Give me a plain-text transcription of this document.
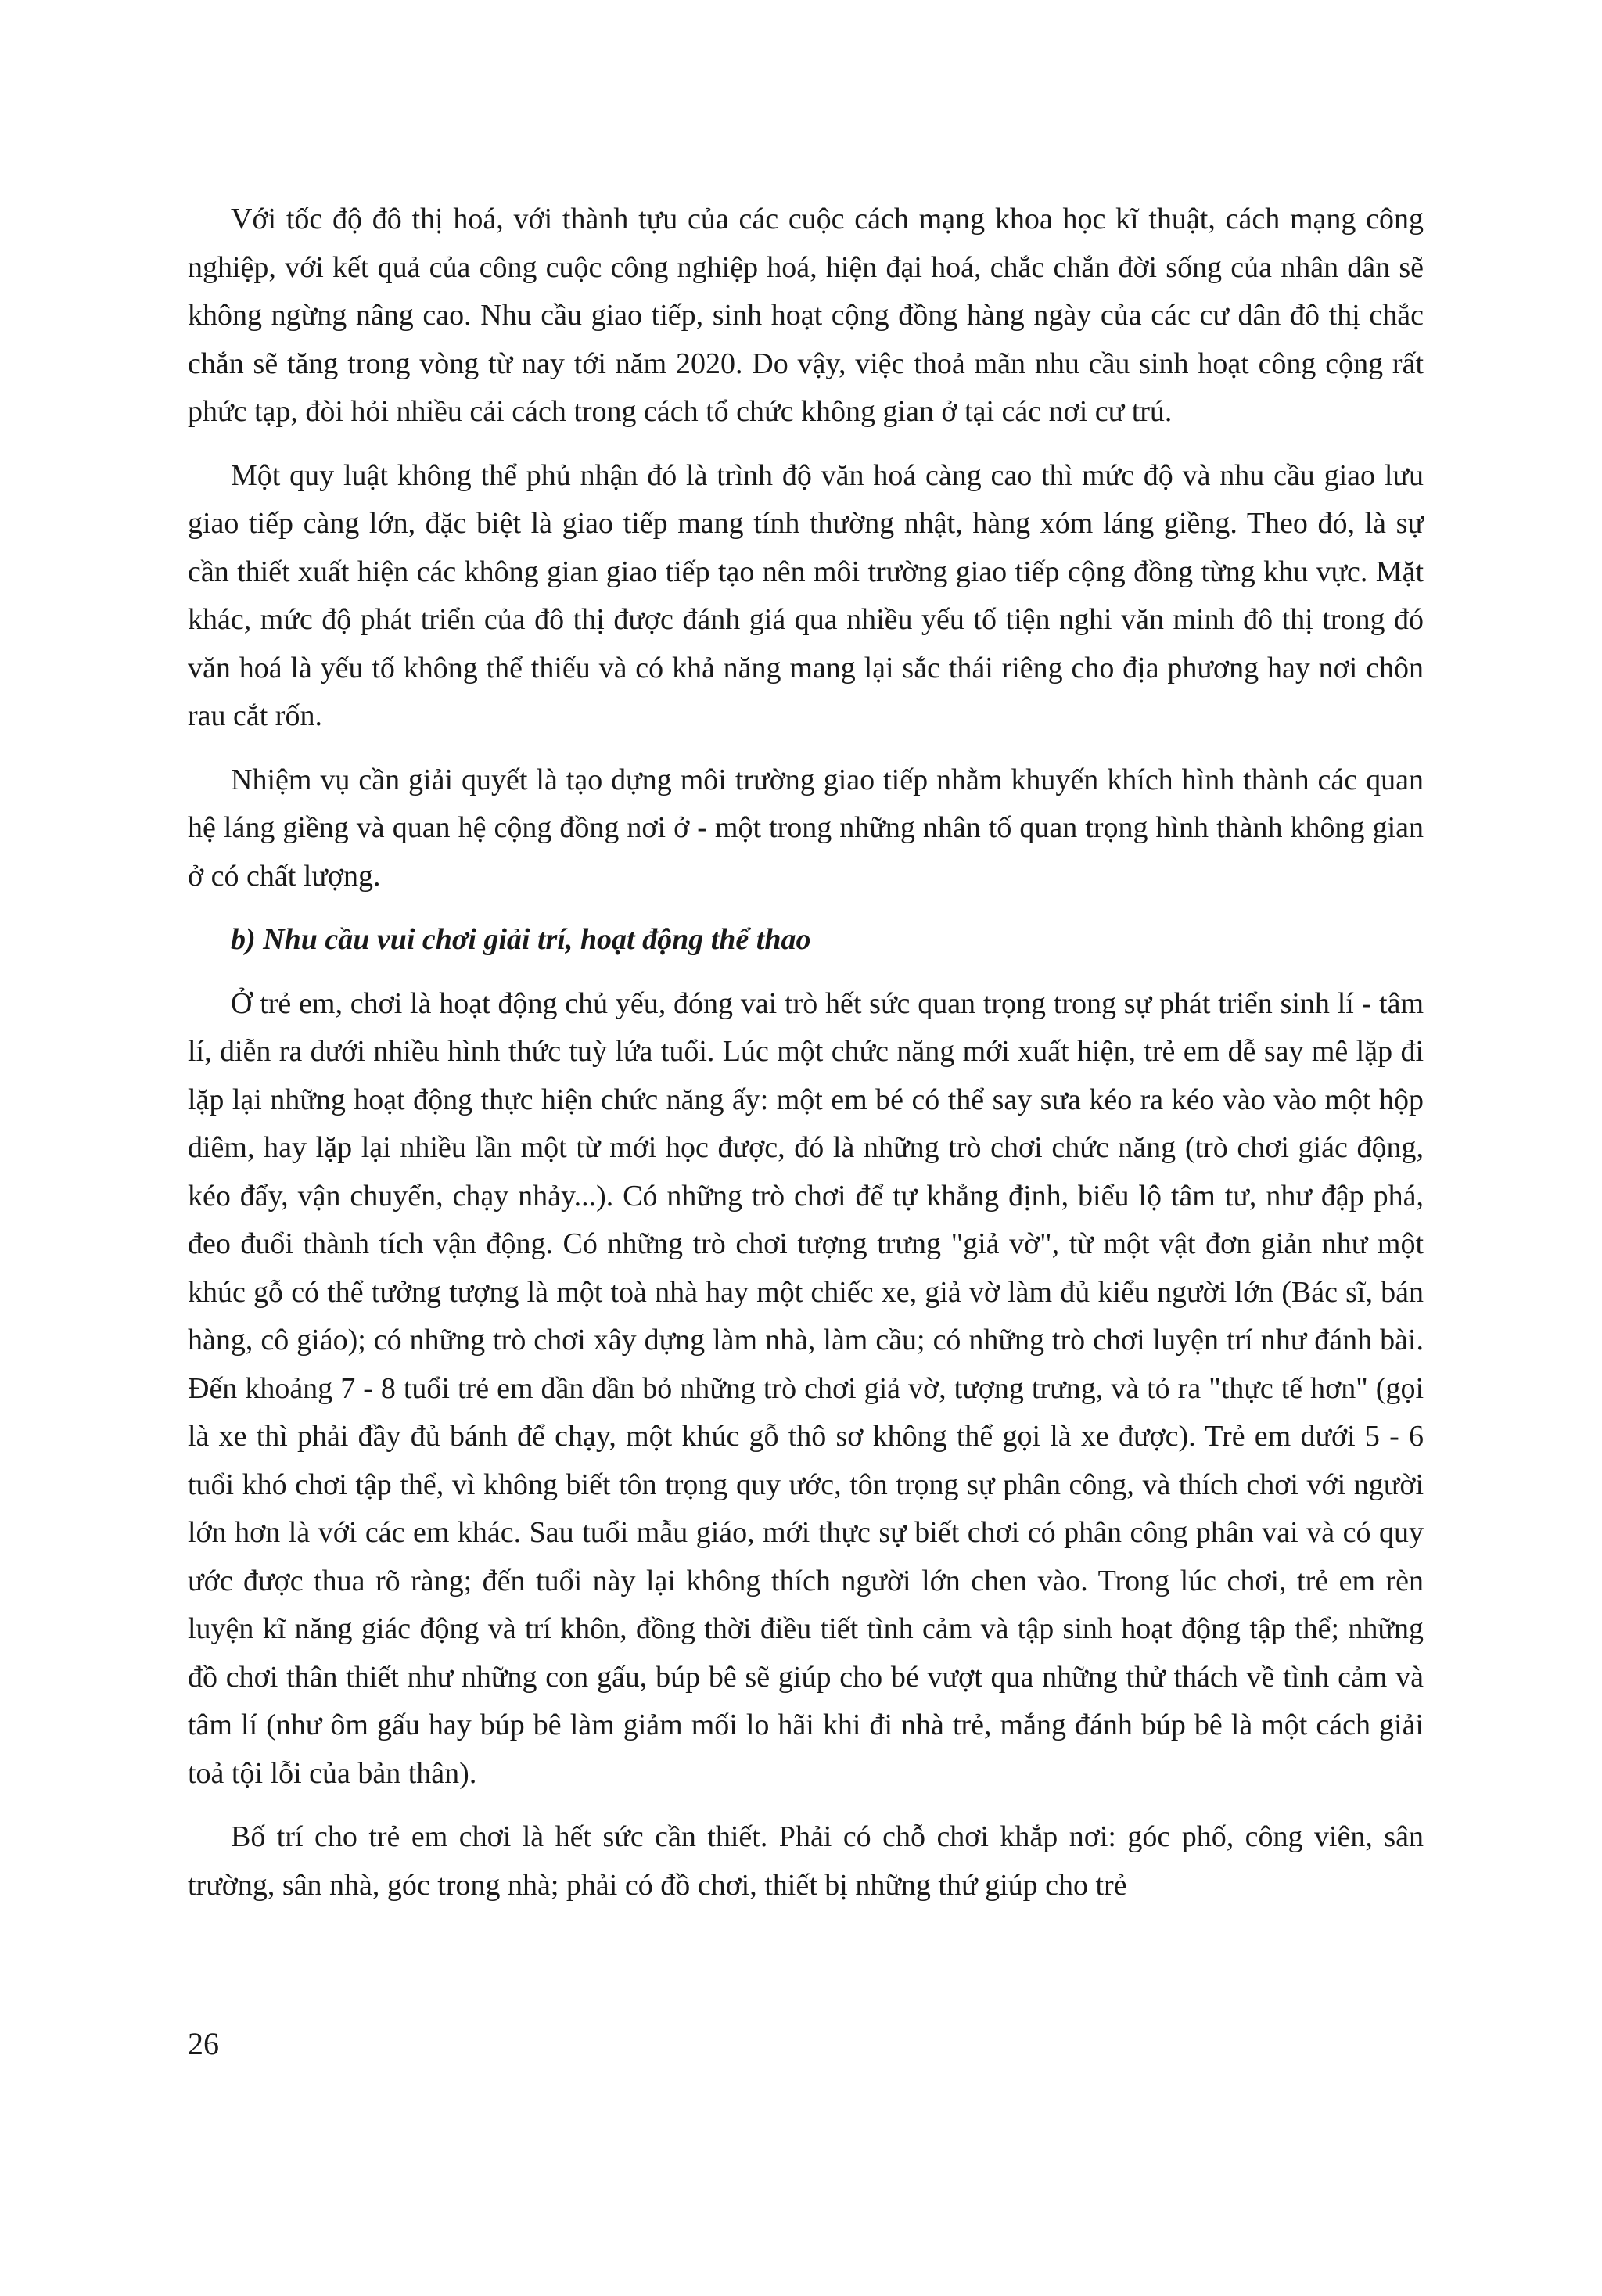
Với tốc độ đô thị hoá, với thành tựu của các cuộc cách mạng khoa học kĩ thuật, cách mạng công nghiệp, với kết quả của công cuộc công nghiệp hoá, hiện đại hoá, chắc chắn đời sống của nhân dân sẽ không ngừng nâng cao. Nhu cầu giao tiếp, sinh hoạt cộng đồng hàng ngày của các cư dân đô thị chắc chắn sẽ tăng trong vòng từ nay tới năm 2020. Do vậy, việc thoả mãn nhu cầu sinh hoạt công cộng rất phức tạp, đòi hỏi nhiều cải cách trong cách tổ chức không gian ở tại các nơi cư trú.

Một quy luật không thể phủ nhận đó là trình độ văn hoá càng cao thì mức độ và nhu cầu giao lưu giao tiếp càng lớn, đặc biệt là giao tiếp mang tính thường nhật, hàng xóm láng giềng. Theo đó, là sự cần thiết xuất hiện các không gian giao tiếp tạo nên môi trường giao tiếp cộng đồng từng khu vực. Mặt khác, mức độ phát triển của đô thị được đánh giá qua nhiều yếu tố tiện nghi văn minh đô thị trong đó văn hoá là yếu tố không thể thiếu và có khả năng mang lại sắc thái riêng cho địa phương hay nơi chôn rau cắt rốn.

Nhiệm vụ cần giải quyết là tạo dựng môi trường giao tiếp nhằm khuyến khích hình thành các quan hệ láng giềng và quan hệ cộng đồng nơi ở - một trong những nhân tố quan trọng hình thành không gian ở có chất lượng.

b) Nhu cầu vui chơi giải trí, hoạt động thể thao

Ở trẻ em, chơi là hoạt động chủ yếu, đóng vai trò hết sức quan trọng trong sự phát triển sinh lí - tâm lí, diễn ra dưới nhiều hình thức tuỳ lứa tuổi. Lúc một chức năng mới xuất hiện, trẻ em dễ say mê lặp đi lặp lại những hoạt động thực hiện chức năng ấy: một em bé có thể say sưa kéo ra kéo vào vào một hộp diêm, hay lặp lại nhiều lần một từ mới học được, đó là những trò chơi chức năng (trò chơi giác động, kéo đẩy, vận chuyển, chạy nhảy...). Có những trò chơi để tự khẳng định, biểu lộ tâm tư, như đập phá, đeo đuổi thành tích vận động. Có những trò chơi tượng trưng "giả vờ", từ một vật đơn giản như một khúc gỗ có thể tưởng tượng là một toà nhà hay một chiếc xe, giả vờ làm đủ kiểu người lớn (Bác sĩ, bán hàng, cô giáo); có những trò chơi xây dựng làm nhà, làm cầu; có những trò chơi luyện trí như đánh bài. Đến khoảng 7 - 8 tuổi trẻ em dần dần bỏ những trò chơi giả vờ, tượng trưng, và tỏ ra "thực tế hơn" (gọi là xe thì phải đầy đủ bánh để chạy, một khúc gỗ thô sơ không thể gọi là xe được). Trẻ em dưới 5 - 6 tuổi khó chơi tập thể, vì không biết tôn trọng quy ước, tôn trọng sự phân công, và thích chơi với người lớn hơn là với các em khác. Sau tuổi mẫu giáo, mới thực sự biết chơi có phân công phân vai và có quy ước được thua rõ ràng; đến tuổi này lại không thích người lớn chen vào. Trong lúc chơi, trẻ em rèn luyện kĩ năng giác động và trí khôn, đồng thời điều tiết tình cảm và tập sinh hoạt động tập thể; những đồ chơi thân thiết như những con gấu, búp bê sẽ giúp cho bé vượt qua những thử thách về tình cảm và tâm lí (như ôm gấu hay búp bê làm giảm mối lo hãi khi đi nhà trẻ, mắng đánh búp bê là một cách giải toả tội lỗi của bản thân).

Bố trí cho trẻ em chơi là hết sức cần thiết. Phải có chỗ chơi khắp nơi: góc phố, công viên, sân trường, sân nhà, góc trong nhà; phải có đồ chơi, thiết bị những thứ giúp cho trẻ

26
